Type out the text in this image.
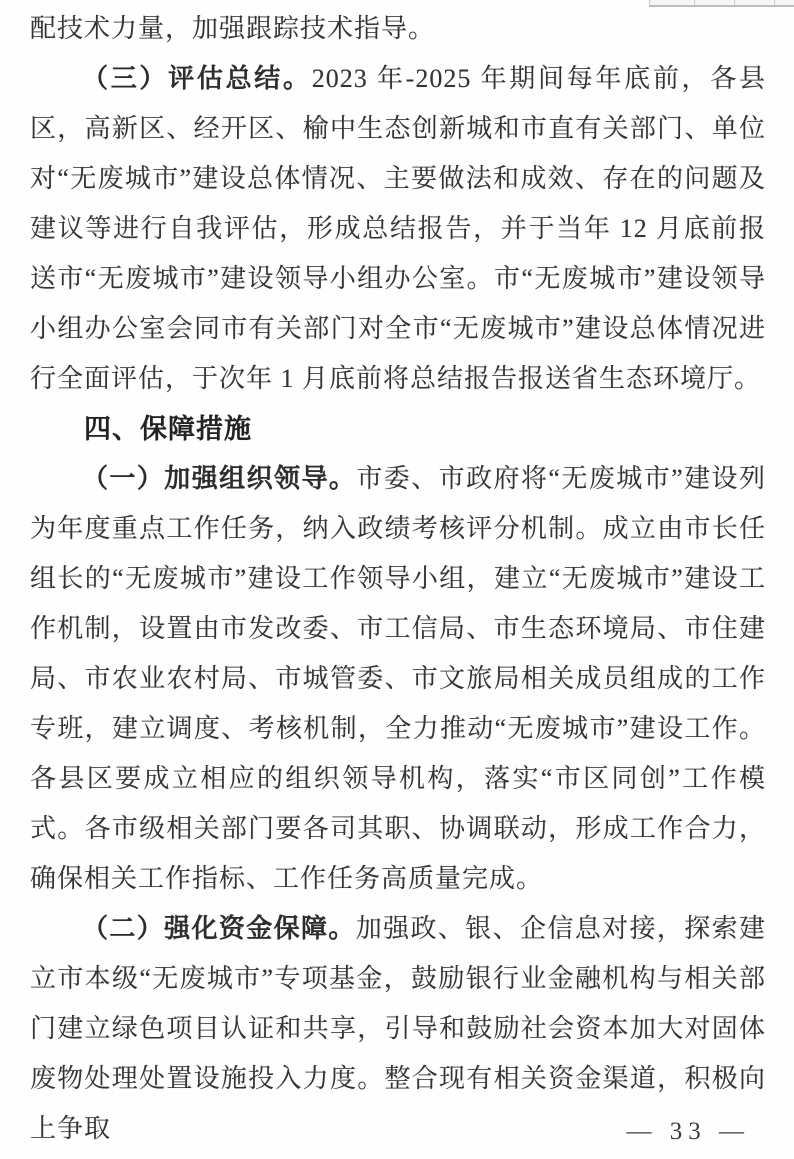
配技术力量，加强跟踪技术指导。

（三）评估总结。2023 年-2025 年期间每年底前，各县区，高新区、经开区、榆中生态创新城和市直有关部门、单位对“无废城市”建设总体情况、主要做法和成效、存在的问题及建议等进行自我评估，形成总结报告，并于当年 12 月底前报送市“无废城市”建设领导小组办公室。市“无废城市”建设领导小组办公室会同市有关部门对全市“无废城市”建设总体情况进行全面评估，于次年 1 月底前将总结报告报送省生态环境厅。

四、保障措施

（一）加强组织领导。市委、市政府将“无废城市”建设列为年度重点工作任务，纳入政绩考核评分机制。成立由市长任组长的“无废城市”建设工作领导小组，建立“无废城市”建设工作机制，设置由市发改委、市工信局、市生态环境局、市住建局、市农业农村局、市城管委、市文旅局相关成员组成的工作专班，建立调度、考核机制，全力推动“无废城市”建设工作。各县区要成立相应的组织领导机构，落实“市区同创”工作模式。各市级相关部门要各司其职、协调联动，形成工作合力，确保相关工作指标、工作任务高质量完成。

（二）强化资金保障。加强政、银、企信息对接，探索建立市本级“无废城市”专项基金，鼓励银行业金融机构与相关部门建立绿色项目认证和共享，引导和鼓励社会资本加大对固体废物处理处置设施投入力度。整合现有相关资金渠道，积极向上争取	— 33 —
